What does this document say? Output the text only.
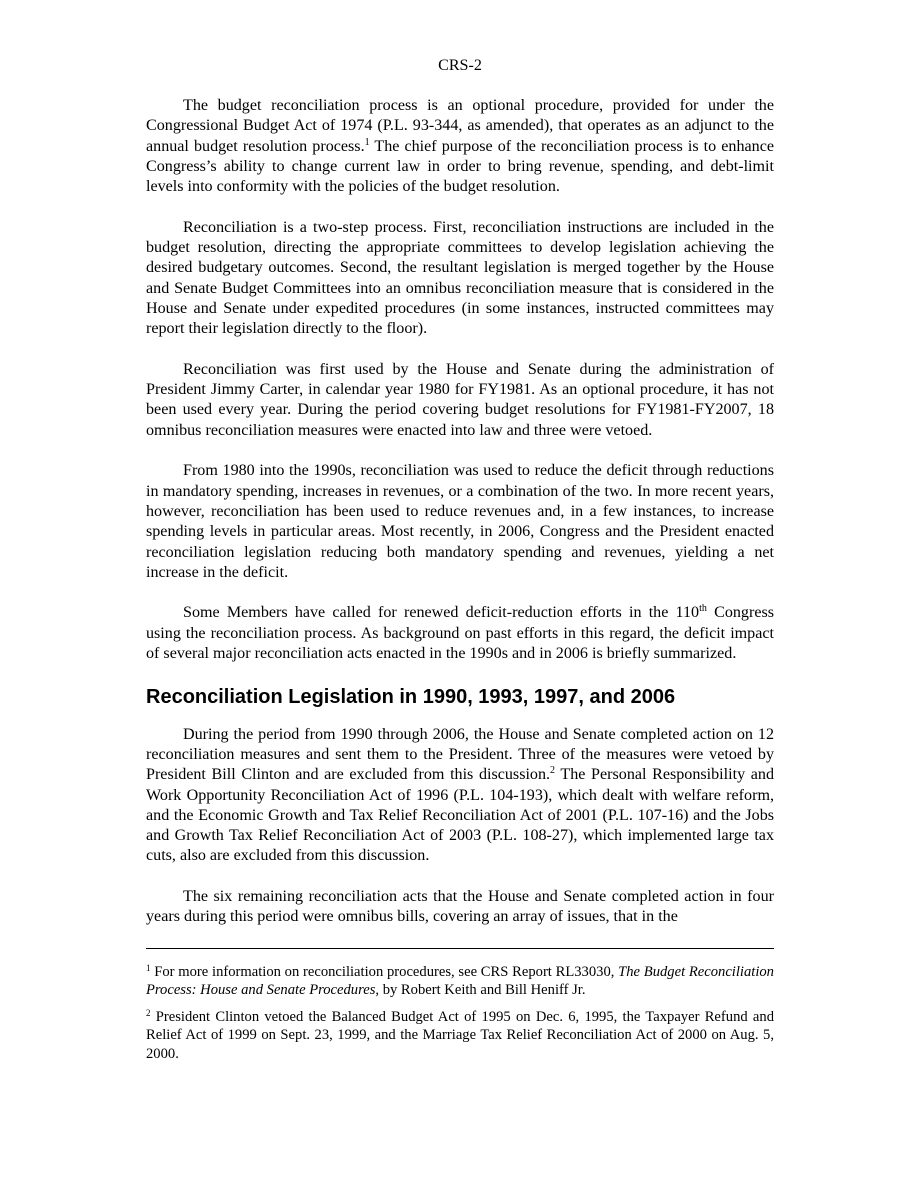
CRS-2

The budget reconciliation process is an optional procedure, provided for under the Congressional Budget Act of 1974 (P.L. 93-344, as amended), that operates as an adjunct to the annual budget resolution process.$^1$ The chief purpose of the reconciliation process is to enhance Congress’s ability to change current law in order to bring revenue, spending, and debt-limit levels into conformity with the policies of the budget resolution.

Reconciliation is a two-step process. First, reconciliation instructions are included in the budget resolution, directing the appropriate committees to develop legislation achieving the desired budgetary outcomes. Second, the resultant legislation is merged together by the House and Senate Budget Committees into an omnibus reconciliation measure that is considered in the House and Senate under expedited procedures (in some instances, instructed committees may report their legislation directly to the floor).

Reconciliation was first used by the House and Senate during the administration of President Jimmy Carter, in calendar year 1980 for FY1981. As an optional procedure, it has not been used every year. During the period covering budget resolutions for FY1981-FY2007, 18 omnibus reconciliation measures were enacted into law and three were vetoed.

From 1980 into the 1990s, reconciliation was used to reduce the deficit through reductions in mandatory spending, increases in revenues, or a combination of the two. In more recent years, however, reconciliation has been used to reduce revenues and, in a few instances, to increase spending levels in particular areas. Most recently, in 2006, Congress and the President enacted reconciliation legislation reducing both mandatory spending and revenues, yielding a net increase in the deficit.

Some Members have called for renewed deficit-reduction efforts in the 110th Congress using the reconciliation process. As background on past efforts in this regard, the deficit impact of several major reconciliation acts enacted in the 1990s and in 2006 is briefly summarized.

Reconciliation Legislation in 1990, 1993, 1997, and 2006

During the period from 1990 through 2006, the House and Senate completed action on 12 reconciliation measures and sent them to the President. Three of the measures were vetoed by President Bill Clinton and are excluded from this discussion.$^2$ The Personal Responsibility and Work Opportunity Reconciliation Act of 1996 (P.L. 104-193), which dealt with welfare reform, and the Economic Growth and Tax Relief Reconciliation Act of 2001 (P.L. 107-16) and the Jobs and Growth Tax Relief Reconciliation Act of 2003 (P.L. 108-27), which implemented large tax cuts, also are excluded from this discussion.

The six remaining reconciliation acts that the House and Senate completed action in four years during this period were omnibus bills, covering an array of issues, that in the

$^1$ For more information on reconciliation procedures, see CRS Report RL33030, The Budget Reconciliation Process: House and Senate Procedures, by Robert Keith and Bill Heniff Jr.

$^2$ President Clinton vetoed the Balanced Budget Act of 1995 on Dec. 6, 1995, the Taxpayer Refund and Relief Act of 1999 on Sept. 23, 1999, and the Marriage Tax Relief Reconciliation Act of 2000 on Aug. 5, 2000.
